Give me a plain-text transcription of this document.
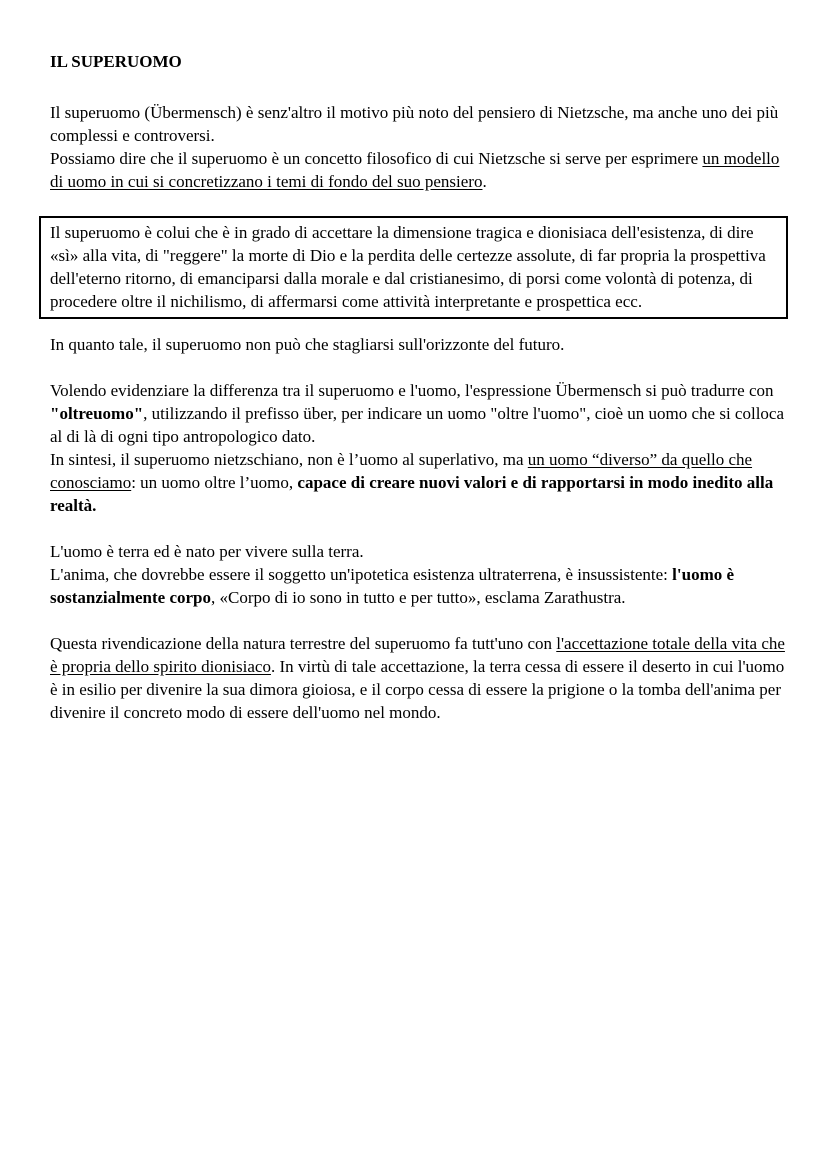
IL SUPERUOMO

Il superuomo (Übermensch) è senz'altro il motivo più noto del pensiero di Nietzsche, ma anche uno dei più complessi e controversi.

Possiamo dire che il superuomo è un concetto filosofico di cui Nietzsche si serve per esprimere un modello di uomo in cui si concretizzano i temi di fondo del suo pensiero.

Il superuomo è colui che è in grado di accettare la dimensione tragica e dionisiaca dell'esistenza, di dire «sì» alla vita, di "reggere" la morte di Dio e la perdita delle certezze assolute, di far propria la prospettiva dell'eterno ritorno, di emanciparsi dalla morale e dal cristianesimo, di porsi come volontà di potenza, di procedere oltre il nichilismo, di affermarsi come attività interpretante e prospettica ecc.

In quanto tale, il superuomo non può che stagliarsi sull'orizzonte del futuro.

Volendo evidenziare la differenza tra il superuomo e l'uomo, l'espressione Übermensch si può tradurre con "oltreuomo", utilizzando il prefisso über, per indicare un uomo "oltre l'uomo", cioè un uomo che si colloca al di là di ogni tipo antropologico dato.

In sintesi, il superuomo nietzschiano, non è l’uomo al superlativo, ma un uomo “diverso” da quello che conosciamo: un uomo oltre l’uomo, capace di creare nuovi valori e di rapportarsi in modo inedito alla realtà.

L'uomo è terra ed è nato per vivere sulla terra.

L'anima, che dovrebbe essere il soggetto un'ipotetica esistenza ultraterrena, è insussistente: l'uomo è sostanzialmente corpo, «Corpo di io sono in tutto e per tutto», esclama Zarathustra.

Questa rivendicazione della natura terrestre del superuomo fa tutt'uno con l'accettazione totale della vita che è propria dello spirito dionisiaco. In virtù di tale accettazione, la terra cessa di essere il deserto in cui l'uomo è in esilio per divenire la sua dimora gioiosa, e il corpo cessa di essere la prigione o la tomba dell'anima per divenire il concreto modo di essere dell'uomo nel mondo.
